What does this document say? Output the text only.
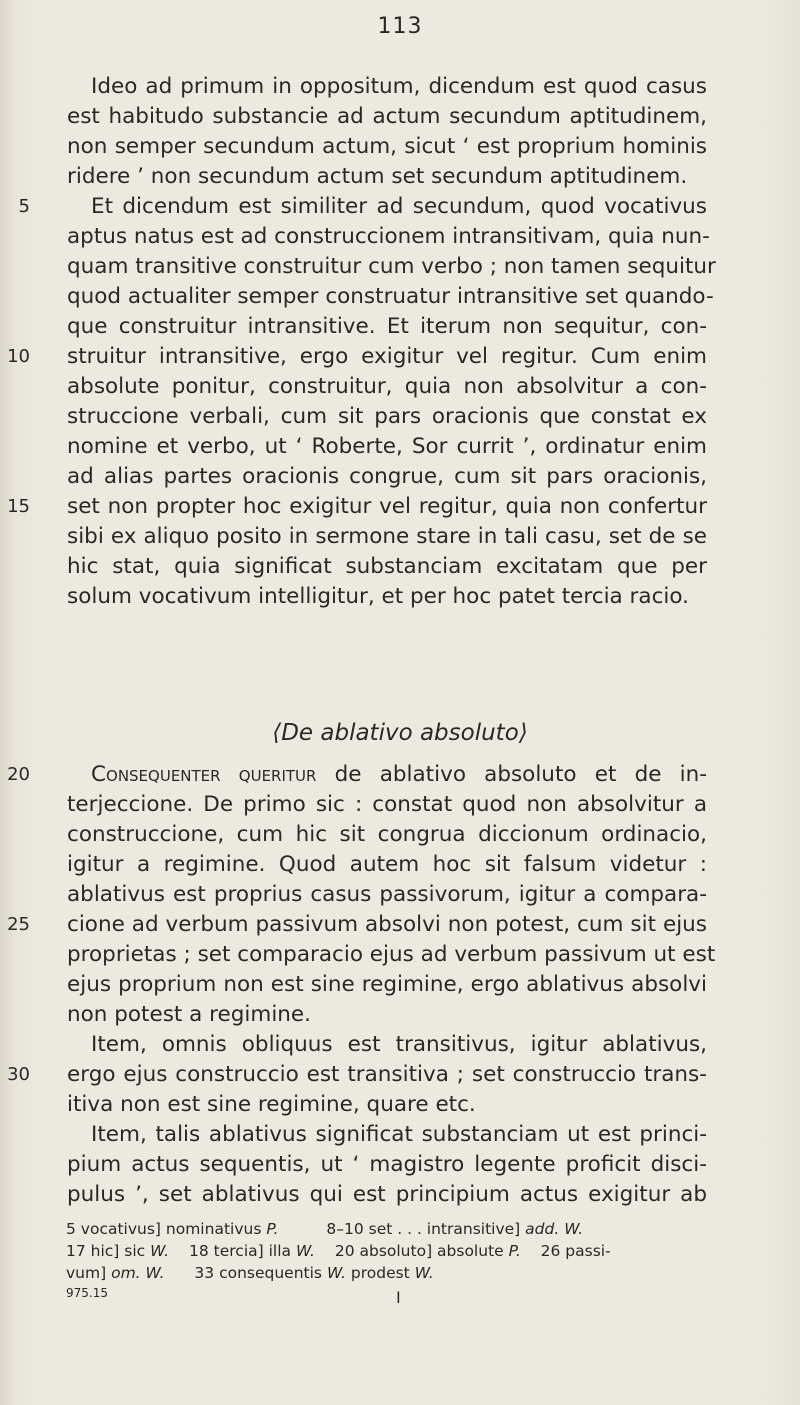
113
Ideo ad primum in oppositum, dicendum est quod casus
est habitudo substancie ad actum secundum aptitudinem,
non semper secundum actum, sicut ‘ est proprium hominis
ridere ’ non secundum actum set secundum aptitudinem.
Et dicendum est similiter ad secundum, quod vocativus
aptus natus est ad construccionem intransitivam, quia nun-
quam transitive construitur cum verbo ; non tamen sequitur
quod actualiter semper construatur intransitive set quando-
que construitur intransitive. Et iterum non sequitur, con-
struitur intransitive, ergo exigitur vel regitur. Cum enim
absolute ponitur, construitur, quia non absolvitur a con-
struccione verbali, cum sit pars oracionis que constat ex
nomine et verbo, ut ‘ Roberte, Sor currit ’, ordinatur enim
ad alias partes oracionis congrue, cum sit pars oracionis,
set non propter hoc exigitur vel regitur, quia non confertur
sibi ex aliquo posito in sermone stare in tali casu, set de se
hic stat, quia significat substanciam excitatam que per
solum vocativum intelligitur, et per hoc patet tercia racio.
⟨De ablativo absoluto⟩
Consequenter queritur de ablativo absoluto et de in-
terjeccione. De primo sic : constat quod non absolvitur a
construccione, cum hic sit congrua diccionum ordinacio,
igitur a regimine. Quod autem hoc sit falsum videtur :
ablativus est proprius casus passivorum, igitur a compara-
cione ad verbum passivum absolvi non potest, cum sit ejus
proprietas ; set comparacio ejus ad verbum passivum ut est
ejus proprium non est sine regimine, ergo ablativus absolvi
non potest a regimine.
Item, omnis obliquus est transitivus, igitur ablativus,
ergo ejus construccio est transitiva ; set construccio trans-
itiva non est sine regimine, quare etc.
Item, talis ablativus significat substanciam ut est princi-
pium actus sequentis, ut ‘ magistro legente proficit disci-
pulus ’, set ablativus qui est principium actus exigitur ab
5
10
15
20
25
30
5 vocativus] nominativus P.	8–10 set . . . intransitive] add. W.
17 hic] sic W. 18 tercia] illa W. 20 absoluto] absolute P. 26 passi-
vum] om. W. 33 consequentis W. prodest W.
975.15	I
